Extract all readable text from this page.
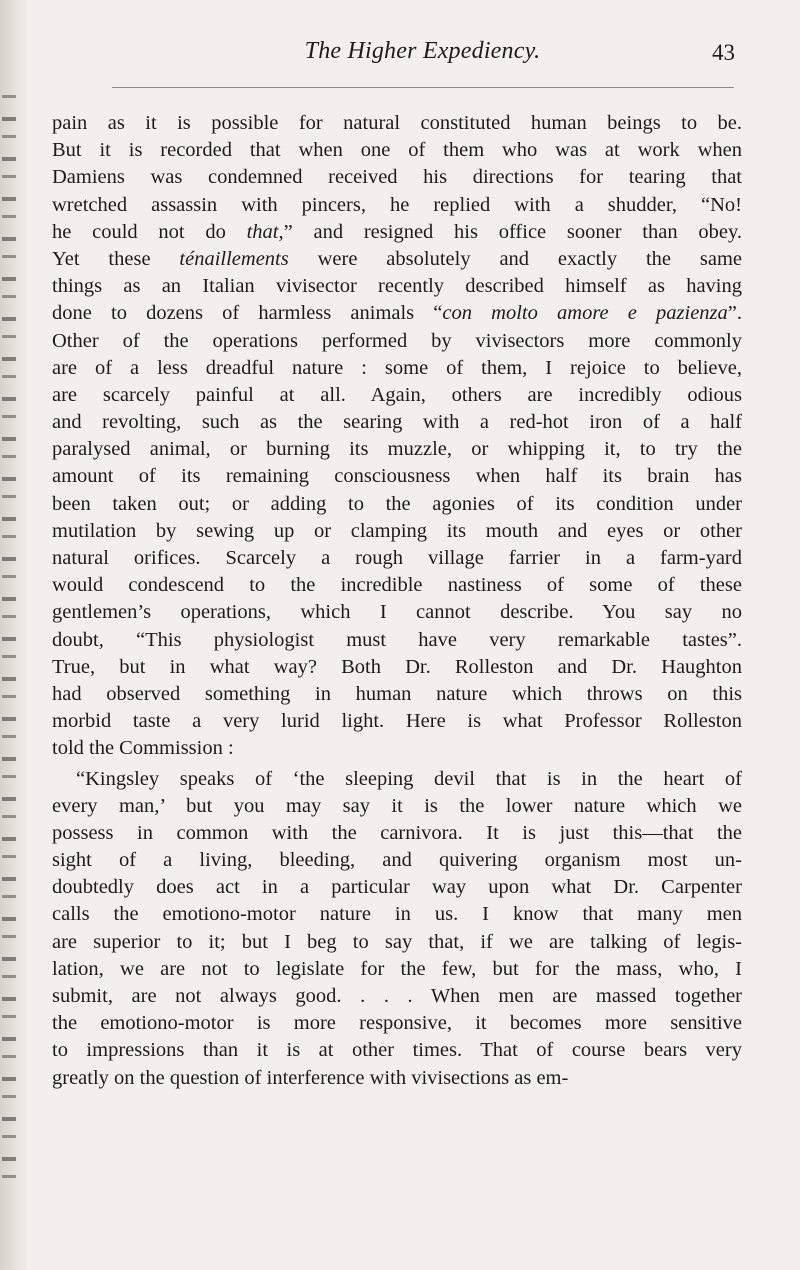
The Higher Expediency.	43
pain as it is possible for natural constituted human beings to be.
But it is recorded that when one of them who was at work when
Damiens was condemned received his directions for tearing that
wretched assassin with pincers, he replied with a shudder, “No!
he could not do that,” and resigned his office sooner than obey.
Yet these ténaillements were absolutely and exactly the same
things as an Italian vivisector recently described himself as having
done to dozens of harmless animals “con molto amore e pazienza”.
Other of the operations performed by vivisectors more commonly
are of a less dreadful nature : some of them, I rejoice to believe,
are scarcely painful at all. Again, others are incredibly odious
and revolting, such as the searing with a red-hot iron of a half
paralysed animal, or burning its muzzle, or whipping it, to try the
amount of its remaining consciousness when half its brain has
been taken out; or adding to the agonies of its condition under
mutilation by sewing up or clamping its mouth and eyes or other
natural orifices. Scarcely a rough village farrier in a farm-yard
would condescend to the incredible nastiness of some of these
gentlemen’s operations, which I cannot describe. You say no
doubt, “This physiologist must have very remarkable tastes”.
True, but in what way? Both Dr. Rolleston and Dr. Haughton
had observed something in human nature which throws on this
morbid taste a very lurid light. Here is what Professor Rolleston
told the Commission :
“Kingsley speaks of ‘the sleeping devil that is in the heart of
every man,’ but you may say it is the lower nature which we
possess in common with the carnivora. It is just this—that the
sight of a living, bleeding, and quivering organism most un-
doubtedly does act in a particular way upon what Dr. Carpenter
calls the emotiono-motor nature in us. I know that many men
are superior to it; but I beg to say that, if we are talking of legis-
lation, we are not to legislate for the few, but for the mass, who, I
submit, are not always good. . . . When men are massed together
the emotiono-motor is more responsive, it becomes more sensitive
to impressions than it is at other times. That of course bears very
greatly on the question of interference with vivisections as em-
